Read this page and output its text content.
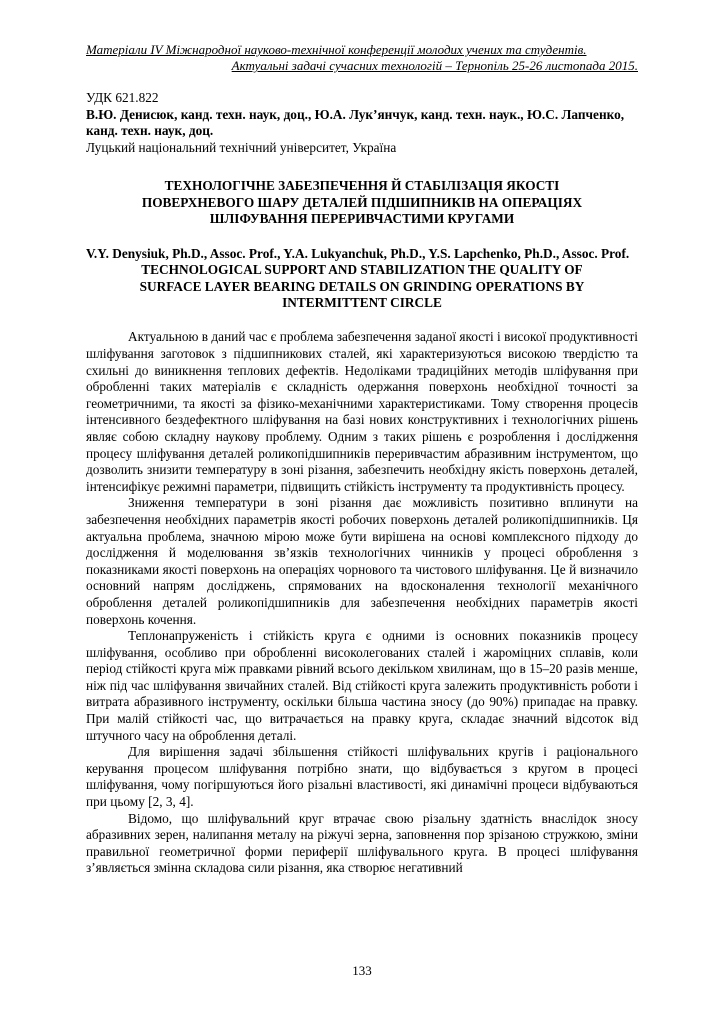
Матеріали IV Міжнародної науково-технічної конференції молодих учених та студентів.
Актуальні задачі сучасних технологій – Тернопіль 25-26 листопада 2015.

УДК 621.822

В.Ю. Денисюк, канд. техн. наук, доц., Ю.А. Лук’янчук, канд. техн. наук., Ю.С. Лапченко, канд. техн. наук, доц.

Луцький національний технічний університет, Україна

ТЕХНОЛОГІЧНЕ ЗАБЕЗПЕЧЕННЯ Й СТАБІЛІЗАЦІЯ ЯКОСТІ ПОВЕРХНЕВОГО ШАРУ ДЕТАЛЕЙ ПІДШИПНИКІВ НА ОПЕРАЦІЯХ ШЛІФУВАННЯ ПЕРЕРИВЧАСТИМИ КРУГАМИ

V.Y. Denysiuk, Ph.D., Assoc. Prof., Y.A. Lukyanchuk, Ph.D., Y.S. Lapchenko, Ph.D., Assoc. Prof.

TECHNOLOGICAL SUPPORT AND STABILIZATION THE QUALITY OF SURFACE LAYER BEARING DETAILS ON GRINDING OPERATIONS BY INTERMITTENT CIRCLE

Актуальною в даний час є проблема забезпечення заданої якості і високої продуктивності шліфування заготовок з підшипникових сталей, які характеризуються високою твердістю та схильні до виникнення теплових дефектів. Недоліками традиційних методів шліфування при обробленні таких матеріалів є складність одержання поверхонь необхідної точності за геометричними, та якості за фізико-механічними характеристиками. Тому створення процесів інтенсивного бездефектного шліфування на базі нових конструктивних і технологічних рішень являє собою складну наукову проблему. Одним з таких рішень є розроблення і дослідження процесу шліфування деталей роликопідшипників переривчастим абразивним інструментом, що дозволить знизити температуру в зоні різання, забезпечить необхідну якість поверхонь деталей, інтенсифікує режимні параметри, підвищить стійкість інструменту та продуктивність процесу.

Зниження температури в зоні різання дає можливість позитивно вплинути на забезпечення необхідних параметрів якості робочих поверхонь деталей роликопідшипників. Ця актуальна проблема, значною мірою може бути вирішена на основі комплексного підходу до дослідження й моделювання зв’язків технологічних чинників у процесі оброблення з показниками якості поверхонь на операціях чорнового та чистового шліфування. Це й визначило основний напрям досліджень, спрямованих на вдосконалення технології механічного оброблення деталей роликопідшипників для забезпечення необхідних параметрів якості поверхонь кочення.

Теплонапруженість і стійкість круга є одними із основних показників процесу шліфування, особливо при обробленні високолегованих сталей і жароміцних сплавів, коли період стійкості круга між правками рівний всього декільком хвилинам, що в 15–20 разів менше, ніж під час шліфування звичайних сталей. Від стійкості круга залежить продуктивність роботи і витрата абразивного інструменту, оскільки більша частина зносу (до 90%) припадає на правку. При малій стійкості час, що витрачається на правку круга, складає значний відсоток від штучного часу на оброблення деталі.

Для вирішення задачі збільшення стійкості шліфувальних кругів і раціонального керування процесом шліфування потрібно знати, що відбувається з кругом в процесі шліфування, чому погіршуються його різальні властивості, які динамічні процеси відбуваються при цьому [2, 3, 4].

Відомо, що шліфувальний круг втрачає свою різальну здатність внаслідок зносу абразивних зерен, налипання металу на ріжучі зерна, заповнення пор зрізаною стружкою, зміни правильної геометричної форми периферії шліфувального круга. В процесі шліфування з’являється змінна складова сили різання, яка створює негативний

133
